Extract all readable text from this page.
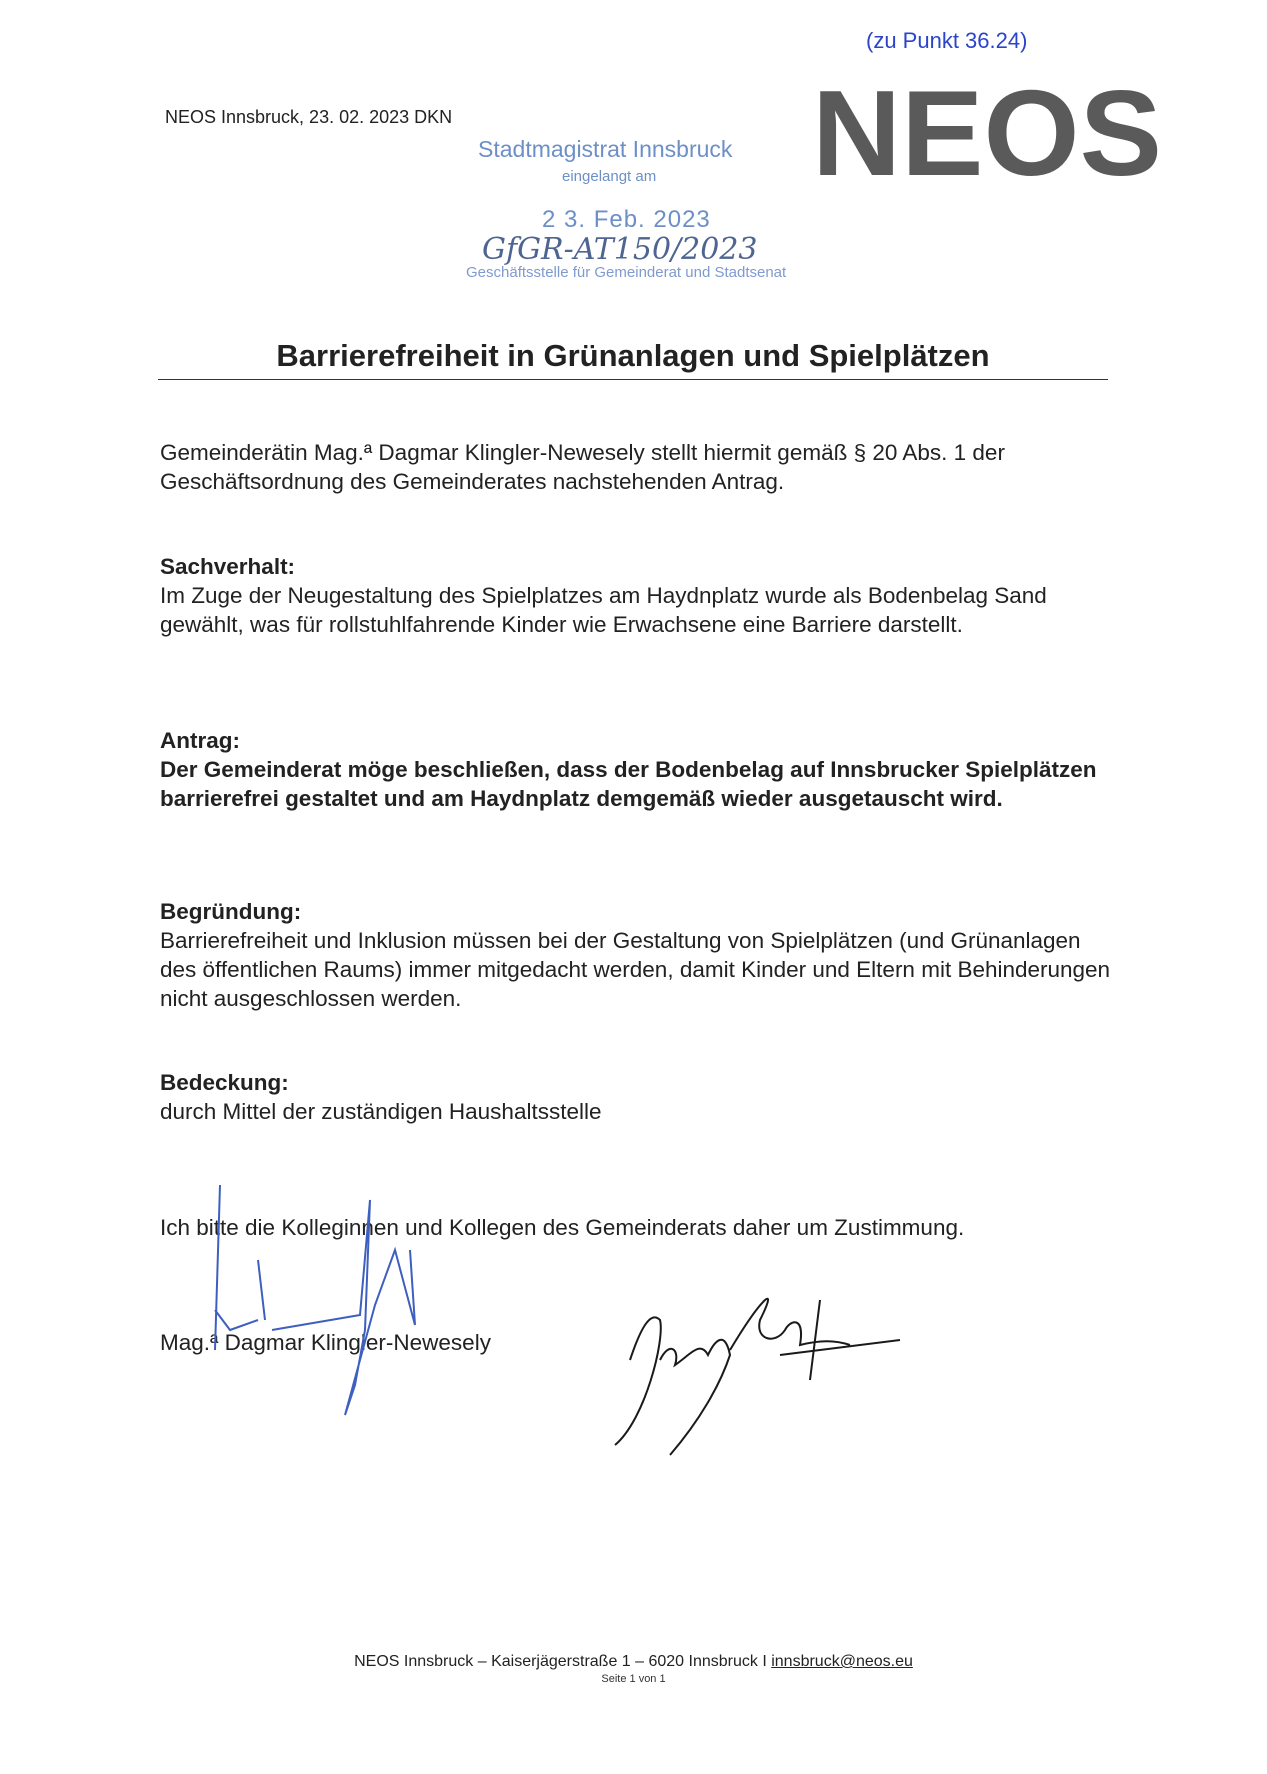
(zu Punkt 36.24)
NEOS Innsbruck, 23. 02. 2023 DKN	NEOS
Stadtmagistrat Innsbruck
eingelangt am
2 3. Feb. 2023
GfGR-AT150/2023
Geschäftsstelle für Gemeinderat und Stadtsenat
Barrierefreiheit in Grünanlagen und Spielplätzen
Gemeinderätin Mag.ª Dagmar Klingler-Newesely stellt hiermit gemäß § 20 Abs. 1 der Geschäftsordnung des Gemeinderates nachstehenden Antrag.
Sachverhalt:
Im Zuge der Neugestaltung des Spielplatzes am Haydnplatz wurde als Bodenbelag Sand gewählt, was für rollstuhlfahrende Kinder wie Erwachsene eine Barriere darstellt.
Antrag:
Der Gemeinderat möge beschließen, dass der Bodenbelag auf Innsbrucker Spielplätzen barrierefrei gestaltet und am Haydnplatz demgemäß wieder ausgetauscht wird.
Begründung:
Barrierefreiheit und Inklusion müssen bei der Gestaltung von Spielplätzen (und Grünanlagen des öffentlichen Raums) immer mitgedacht werden, damit Kinder und Eltern mit Behinderungen nicht ausgeschlossen werden.
Bedeckung:
durch Mittel der zuständigen Haushaltsstelle
Ich bitte die Kolleginnen und Kollegen des Gemeinderats daher um Zustimmung.
Mag.ª Dagmar Klingler-Newesely
NEOS Innsbruck – Kaiserjägerstraße 1 – 6020 Innsbruck I innsbruck@neos.eu
Seite 1 von 1
